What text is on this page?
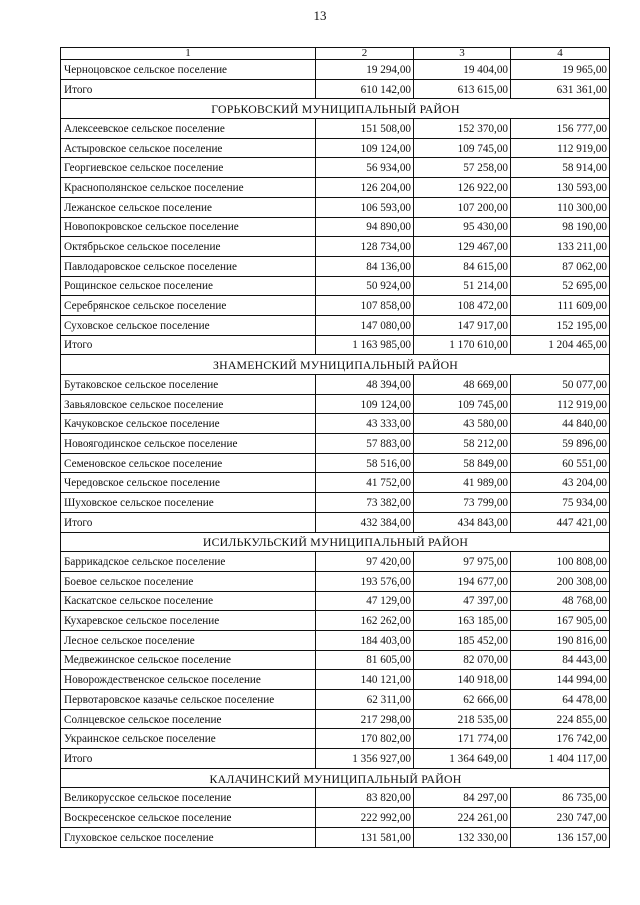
13
1	2	3	4
Черноцовское сельское поселение	19 294,00	19 404,00	19 965,00
Итого	610 142,00	613 615,00	631 361,00
ГОРЬКОВСКИЙ МУНИЦИПАЛЬНЫЙ РАЙОН			
Алексеевское сельское поселение	151 508,00	152 370,00	156 777,00
Астыровское сельское поселение	109 124,00	109 745,00	112 919,00
Георгиевское сельское поселение	56 934,00	57 258,00	58 914,00
Краснополянское сельское поселение	126 204,00	126 922,00	130 593,00
Лежанское сельское поселение	106 593,00	107 200,00	110 300,00
Новопокровское сельское поселение	94 890,00	95 430,00	98 190,00
Октябрьское сельское поселение	128 734,00	129 467,00	133 211,00
Павлодаровское сельское поселение	84 136,00	84 615,00	87 062,00
Рощинское сельское поселение	50 924,00	51 214,00	52 695,00
Серебрянское сельское поселение	107 858,00	108 472,00	111 609,00
Суховское сельское поселение	147 080,00	147 917,00	152 195,00
Итого	1 163 985,00	1 170 610,00	1 204 465,00
ЗНАМЕНСКИЙ МУНИЦИПАЛЬНЫЙ РАЙОН			
Бутаковское сельское поселение	48 394,00	48 669,00	50 077,00
Завьяловское сельское поселение	109 124,00	109 745,00	112 919,00
Качуковское сельское поселение	43 333,00	43 580,00	44 840,00
Новоягодинское сельское поселение	57 883,00	58 212,00	59 896,00
Семеновское сельское поселение	58 516,00	58 849,00	60 551,00
Чередовское сельское поселение	41 752,00	41 989,00	43 204,00
Шуховское сельское поселение	73 382,00	73 799,00	75 934,00
Итого	432 384,00	434 843,00	447 421,00
ИСИЛЬКУЛЬСКИЙ МУНИЦИПАЛЬНЫЙ РАЙОН			
Баррикадское сельское поселение	97 420,00	97 975,00	100 808,00
Боевое сельское поселение	193 576,00	194 677,00	200 308,00
Каскатское сельское поселение	47 129,00	47 397,00	48 768,00
Кухаревское сельское поселение	162 262,00	163 185,00	167 905,00
Лесное сельское поселение	184 403,00	185 452,00	190 816,00
Медвежинское сельское поселение	81 605,00	82 070,00	84 443,00
Новорождественское сельское поселение	140 121,00	140 918,00	144 994,00
Первотаровское казачье сельское поселение	62 311,00	62 666,00	64 478,00
Солнцевское сельское поселение	217 298,00	218 535,00	224 855,00
Украинское сельское поселение	170 802,00	171 774,00	176 742,00
Итого	1 356 927,00	1 364 649,00	1 404 117,00
КАЛАЧИНСКИЙ МУНИЦИПАЛЬНЫЙ РАЙОН			
Великорусское сельское поселение	83 820,00	84 297,00	86 735,00
Воскресенское сельское поселение	222 992,00	224 261,00	230 747,00
Глуховское сельское поселение	131 581,00	132 330,00	136 157,00
